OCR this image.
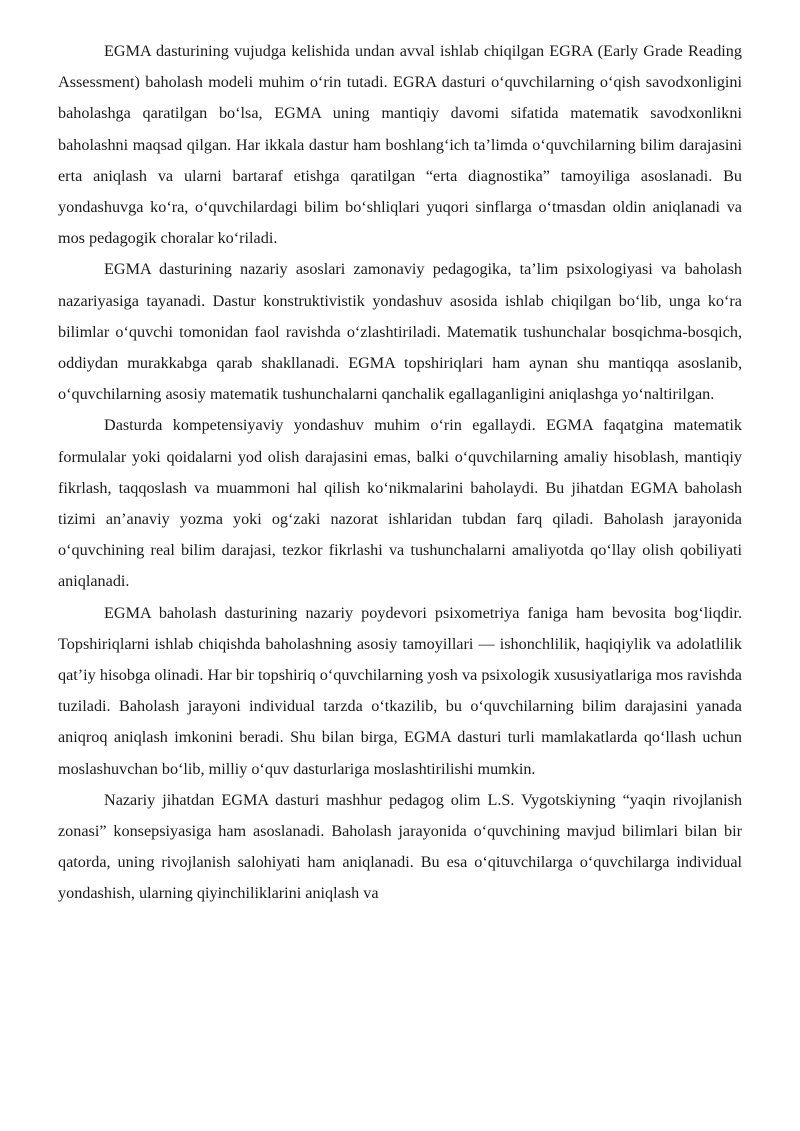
EGMA dasturining vujudga kelishida undan avval ishlab chiqilgan EGRA (Early Grade Reading Assessment) baholash modeli muhim o‘rin tutadi. EGRA dasturi o‘quvchilarning o‘qish savodxonligini baholashga qaratilgan bo‘lsa, EGMA uning mantiqiy davomi sifatida matematik savodxonlikni baholashni maqsad qilgan. Har ikkala dastur ham boshlang‘ich ta’limda o‘quvchilarning bilim darajasini erta aniqlash va ularni bartaraf etishga qaratilgan “erta diagnostika” tamoyiliga asoslanadi. Bu yondashuvga ko‘ra, o‘quvchilardagi bilim bo‘shliqlari yuqori sinflarga o‘tmasdan oldin aniqlanadi va mos pedagogik choralar ko‘riladi.

EGMA dasturining nazariy asoslari zamonaviy pedagogika, ta’lim psixologiyasi va baholash nazariyasiga tayanadi. Dastur konstruktivistik yondashuv asosida ishlab chiqilgan bo‘lib, unga ko‘ra bilimlar o‘quvchi tomonidan faol ravishda o‘zlashtiriladi. Matematik tushunchalar bosqichma-bosqich, oddiydan murakkabga qarab shakllanadi. EGMA topshiriqlari ham aynan shu mantiqqa asoslanib, o‘quvchilarning asosiy matematik tushunchalarni qanchalik egallaganligini aniqlashga yo‘naltirilgan.

Dasturda kompetensiyaviy yondashuv muhim o‘rin egallaydi. EGMA faqatgina matematik formulalar yoki qoidalarni yod olish darajasini emas, balki o‘quvchilarning amaliy hisoblash, mantiqiy fikrlash, taqqoslash va muammoni hal qilish ko‘nikmalarini baholaydi. Bu jihatdan EGMA baholash tizimi an’anaviy yozma yoki og‘zaki nazorat ishlaridan tubdan farq qiladi. Baholash jarayonida o‘quvchining real bilim darajasi, tezkor fikrlashi va tushunchalarni amaliyotda qo‘llay olish qobiliyati aniqlanadi.

EGMA baholash dasturining nazariy poydevori psixometriya faniga ham bevosita bog‘liqdir. Topshiriqlarni ishlab chiqishda baholashning asosiy tamoyillari — ishonchlilik, haqiqiylik va adolatlilik qat’iy hisobga olinadi. Har bir topshiriq o‘quvchilarning yosh va psixologik xususiyatlariga mos ravishda tuziladi. Baholash jarayoni individual tarzda o‘tkazilib, bu o‘quvchilarning bilim darajasini yanada aniqroq aniqlash imkonini beradi. Shu bilan birga, EGMA dasturi turli mamlakatlarda qo‘llash uchun moslashuvchan bo‘lib, milliy o‘quv dasturlariga moslashtirilishi mumkin.

Nazariy jihatdan EGMA dasturi mashhur pedagog olim L.S. Vygotskiyning “yaqin rivojlanish zonasi” konsepsiyasiga ham asoslanadi. Baholash jarayonida o‘quvchining mavjud bilimlari bilan bir qatorda, uning rivojlanish salohiyati ham aniqlanadi. Bu esa o‘qituvchilarga o‘quvchilarga individual yondashish, ularning qiyinchiliklarini aniqlash va
